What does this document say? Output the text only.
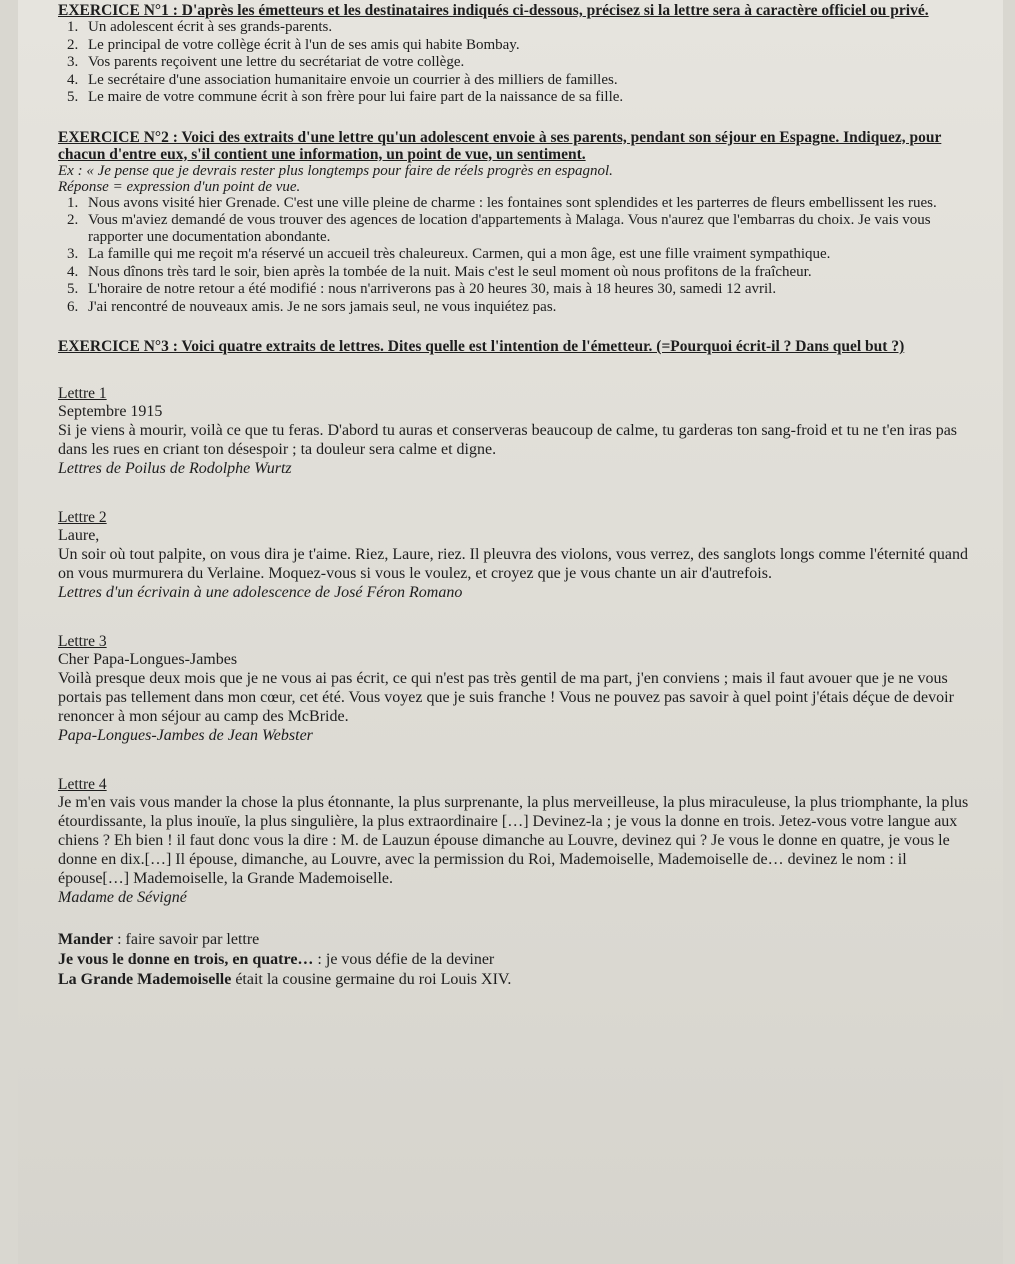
EXERCICE N°1 : D'après les émetteurs et les destinataires indiqués ci-dessous, précisez si la lettre sera à caractère officiel ou privé.

1. Un adolescent écrit à ses grands-parents.
2. Le principal de votre collège écrit à l'un de ses amis qui habite Bombay.
3. Vos parents reçoivent une lettre du secrétariat de votre collège.
4. Le secrétaire d'une association humanitaire envoie un courrier à des milliers de familles.
5. Le maire de votre commune écrit à son frère pour lui faire part de la naissance de sa fille.

EXERCICE N°2 : Voici des extraits d'une lettre qu'un adolescent envoie à ses parents, pendant son séjour en Espagne. Indiquez, pour chacun d'entre eux, s'il contient une information, un point de vue, un sentiment.

Ex : « Je pense que je devrais rester plus longtemps pour faire de réels progrès en espagnol.

Réponse = expression d'un point de vue.

1. Nous avons visité hier Grenade. C'est une ville pleine de charme : les fontaines sont splendides et les parterres de fleurs embellissent les rues.
2. Vous m'aviez demandé de vous trouver des agences de location d'appartements à Malaga. Vous n'aurez que l'embarras du choix. Je vais vous rapporter une documentation abondante.
3. La famille qui me reçoit m'a réservé un accueil très chaleureux. Carmen, qui a mon âge, est une fille vraiment sympathique.
4. Nous dînons très tard le soir, bien après la tombée de la nuit. Mais c'est le seul moment où nous profitons de la fraîcheur.
5. L'horaire de notre retour a été modifié : nous n'arriverons pas à 20 heures 30, mais à 18 heures 30, samedi 12 avril.
6. J'ai rencontré de nouveaux amis. Je ne sors jamais seul, ne vous inquiétez pas.

EXERCICE N°3 : Voici quatre extraits de lettres. Dites quelle est l'intention de l'émetteur. (=Pourquoi écrit-il ? Dans quel but ?)

Lettre 1

Septembre 1915

Si je viens à mourir, voilà ce que tu feras. D'abord tu auras et conserveras beaucoup de calme, tu garderas ton sang-froid et tu ne t'en iras pas dans les rues en criant ton désespoir ; ta douleur sera calme et digne.

Lettres de Poilus de Rodolphe Wurtz

Lettre 2

Laure,

Un soir où tout palpite, on vous dira je t'aime. Riez, Laure, riez. Il pleuvra des violons, vous verrez, des sanglots longs comme l'éternité quand on vous murmurera du Verlaine. Moquez-vous si vous le voulez, et croyez que je vous chante un air d'autrefois.

Lettres d'un écrivain à une adolescence de José Féron Romano

Lettre 3

Cher Papa-Longues-Jambes

Voilà presque deux mois que je ne vous ai pas écrit, ce qui n'est pas très gentil de ma part, j'en conviens ; mais il faut avouer que je ne vous portais pas tellement dans mon cœur, cet été. Vous voyez que je suis franche ! Vous ne pouvez pas savoir à quel point j'étais déçue de devoir renoncer à mon séjour au camp des McBride.

Papa-Longues-Jambes de Jean Webster

Lettre 4

Je m'en vais vous mander la chose la plus étonnante, la plus surprenante, la plus merveilleuse, la plus miraculeuse, la plus triomphante, la plus étourdissante, la plus inouïe, la plus singulière, la plus extraordinaire […] Devinez-la ; je vous la donne en trois. Jetez-vous votre langue aux chiens ? Eh bien ! il faut donc vous la dire : M. de Lauzun épouse dimanche au Louvre, devinez qui ? Je vous le donne en quatre, je vous le donne en dix.[…] Il épouse, dimanche, au Louvre, avec la permission du Roi, Mademoiselle, Mademoiselle de… devinez le nom : il épouse[…] Mademoiselle, la Grande Mademoiselle.

Madame de Sévigné

Mander : faire savoir par lettre

Je vous le donne en trois, en quatre… : je vous défie de la deviner

La Grande Mademoiselle était la cousine germaine du roi Louis XIV.
